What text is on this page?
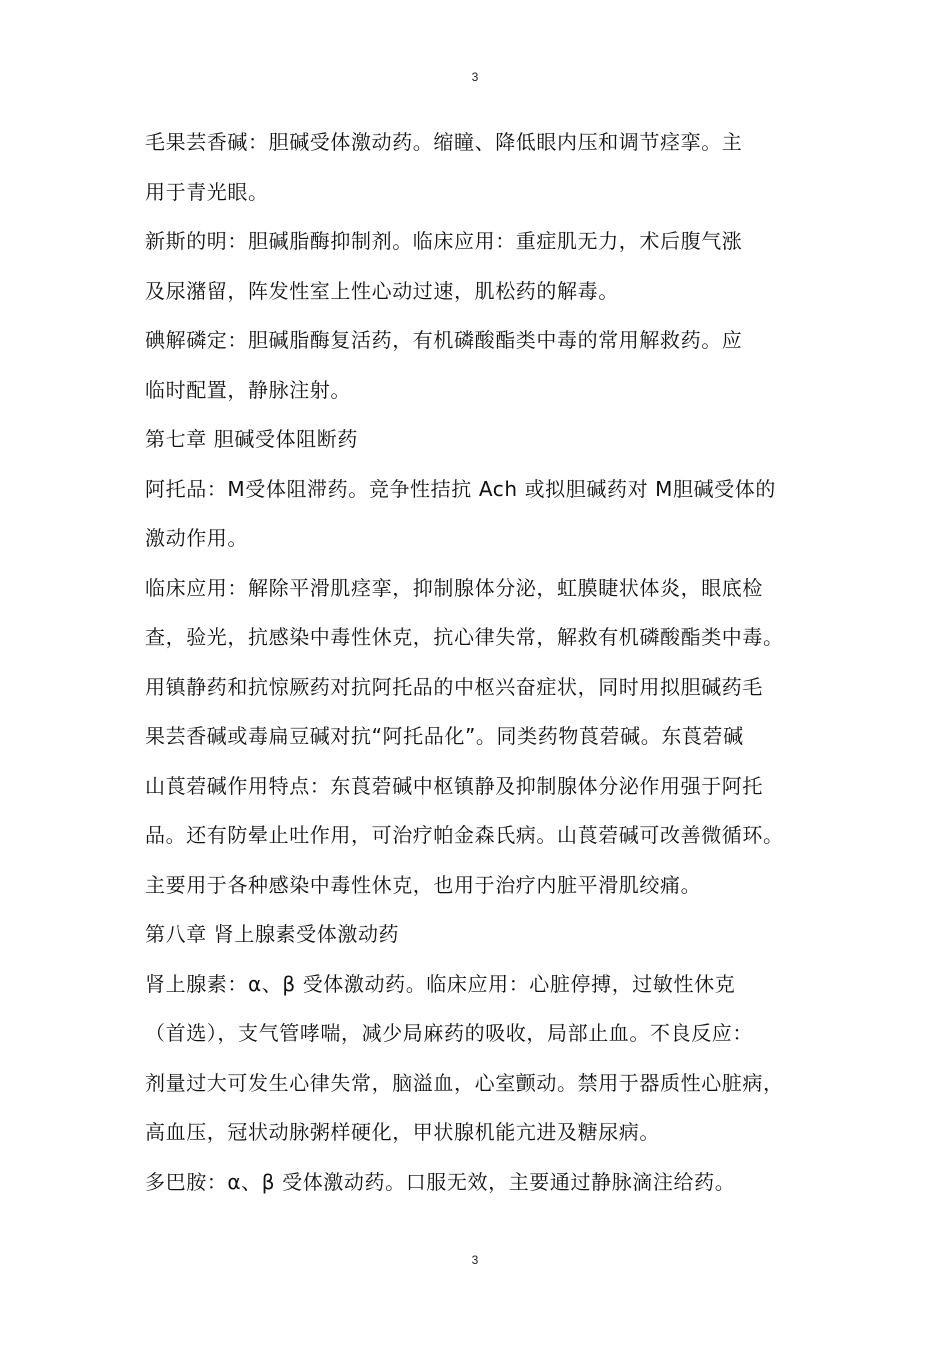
3
毛果芸香碱：胆碱受体激动药。缩瞳、降低眼内压和调节痉挛。主
用于青光眼。
新斯的明：胆碱脂酶抑制剂。临床应用：重症肌无力，术后腹气涨
及尿潴留，阵发性室上性心动过速，肌松药的解毒。
碘解磷定：胆碱脂酶复活药，有机磷酸酯类中毒的常用解救药。应
临时配置，静脉注射。
第七章 胆碱受体阻断药
阿托品：M受体阻滞药。竞争性拮抗 Ach 或拟胆碱药对 M胆碱受体的
激动作用。
临床应用：解除平滑肌痉挛，抑制腺体分泌，虹膜睫状体炎，眼底检
查，验光，抗感染中毒性休克，抗心律失常，解救有机磷酸酯类中毒。
用镇静药和抗惊厥药对抗阿托品的中枢兴奋症状，同时用拟胆碱药毛
果芸香碱或毒扁豆碱对抗“阿托品化”。同类药物莨菪碱。东莨菪碱
山莨菪碱作用特点：东莨菪碱中枢镇静及抑制腺体分泌作用强于阿托
品。还有防晕止吐作用，可治疗帕金森氏病。山莨菪碱可改善微循环。
主要用于各种感染中毒性休克，也用于治疗内脏平滑肌绞痛。
第八章 肾上腺素受体激动药
肾上腺素：α、β 受体激动药。临床应用：心脏停搏，过敏性休克
（首选），支气管哮喘，减少局麻药的吸收，局部止血。不良反应：
剂量过大可发生心律失常，脑溢血，心室颤动。禁用于器质性心脏病，
高血压，冠状动脉粥样硬化，甲状腺机能亢进及糖尿病。
多巴胺：α、β 受体激动药。口服无效，主要通过静脉滴注给药。
3
